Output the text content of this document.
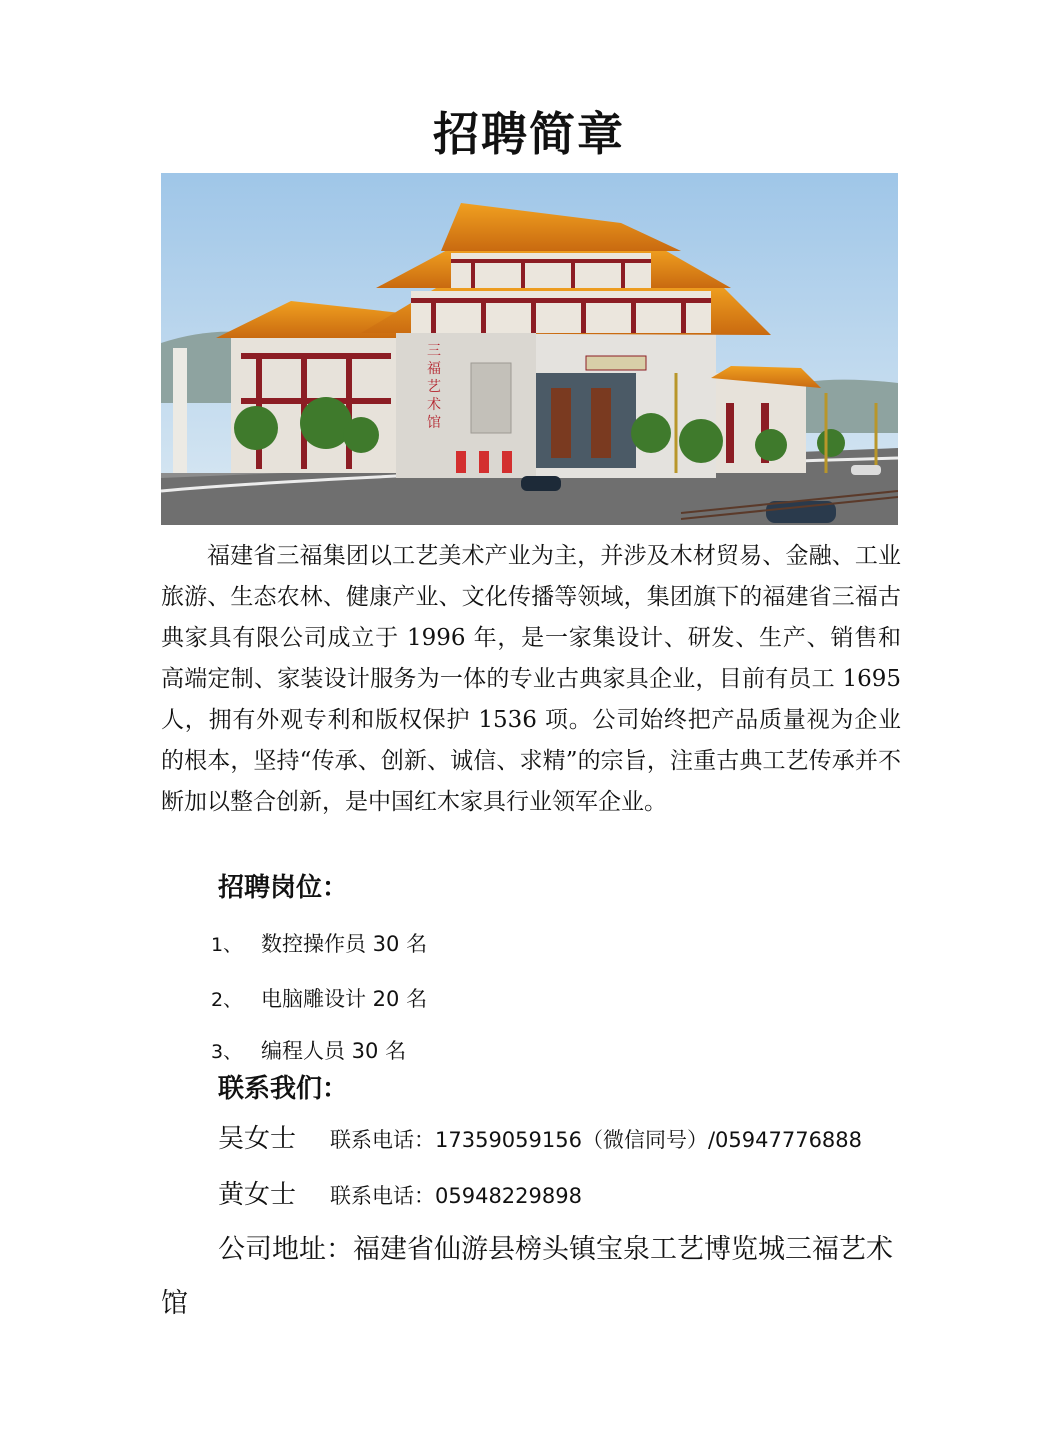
招聘简章
三
福
艺
术
馆
福建省三福集团以工艺美术产业为主，并涉及木材贸易、金融、工业旅游、生态农林、健康产业、文化传播等领域，集团旗下的福建省三福古典家具有限公司成立于 1996 年，是一家集设计、研发、生产、销售和高端定制、家装设计服务为一体的专业古典家具企业，目前有员工 1695 人，拥有外观专利和版权保护 1536 项。公司始终把产品质量视为企业的根本，坚持“传承、创新、诚信、求精”的宗旨，注重古典工艺传承并不断加以整合创新，是中国红木家具行业领军企业。
招聘岗位：
1、 数控操作员 30 名
2、 电脑雕设计 20 名
3、 编程人员 30 名
联系我们：
吴女士 联系电话：17359059156（微信同号）/05947776888
黄女士 联系电话：05948229898
公司地址：福建省仙游县榜头镇宝泉工艺博览城三福艺术馆
